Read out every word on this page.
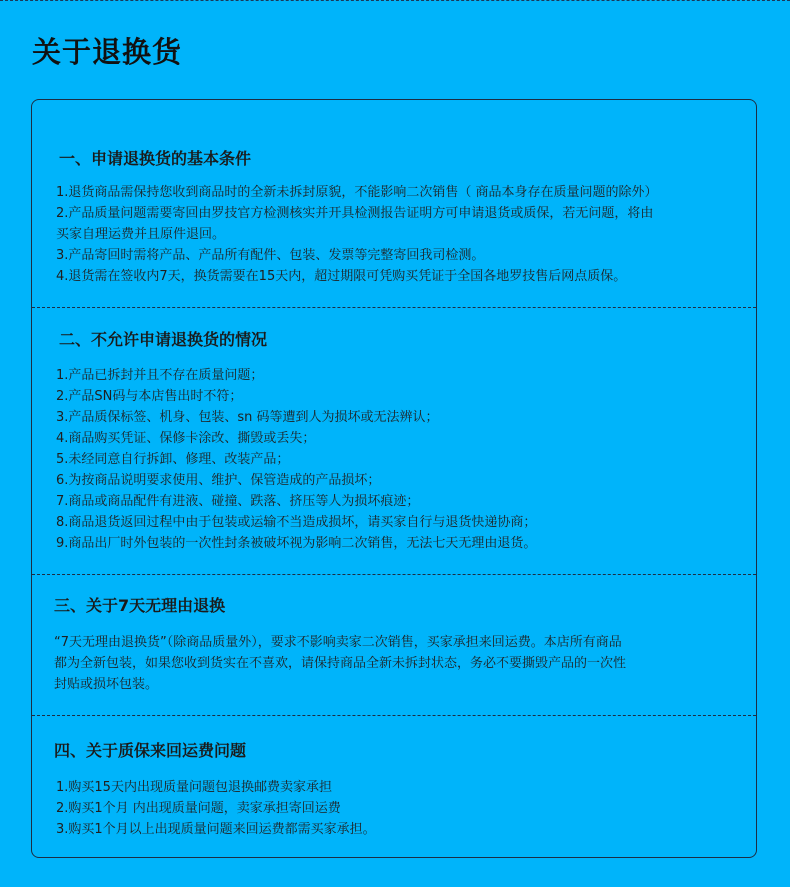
关于退换货
一、申请退换货的基本条件
1.退货商品需保持您收到商品时的全新未拆封原貌，不能影响二次销售（ 商品本身存在质量问题的除外）
2.产品质量问题需要寄回由罗技官方检测核实并开具检测报告证明方可申请退货或质保，若无问题，将由
买家自理运费并且原件退回。
3.产品寄回时需将产品、产品所有配件、包装、发票等完整寄回我司检测。
4.退货需在签收内7天，换货需要在15天内，超过期限可凭购买凭证于全国各地罗技售后网点质保。
二、不允许申请退换货的情况
1.产品已拆封并且不存在质量问题；
2.产品SN码与本店售出时不符；
3.产品质保标签、机身、包装、sn 码等遭到人为损坏或无法辨认；
4.商品购买凭证、保修卡涂改、撕毁或丢失；
5.未经同意自行拆卸、修理、改装产品；
6.为按商品说明要求使用、维护、保管造成的产品损坏；
7.商品或商品配件有进液、碰撞、跌落、挤压等人为损坏痕迹；
8.商品退货返回过程中由于包装或运输不当造成损坏，请买家自行与退货快递协商；
9.商品出厂时外包装的一次性封条被破坏视为影响二次销售，无法七天无理由退货。
三、关于7天无理由退换

“7天无理由退换货”（除商品质量外），要求不影响卖家二次销售，买家承担来回运费。本店所有商品
都为全新包装，如果您收到货实在不喜欢，请保持商品全新未拆封状态，务必不要撕毁产品的一次性
封贴或损坏包装。

四、关于质保来回运费问题
1.购买15天内出现质量问题包退换邮费卖家承担
2.购买1个月 内出现质量问题，卖家承担寄回运费
3.购买1个月以上出现质量问题来回运费都需买家承担。
